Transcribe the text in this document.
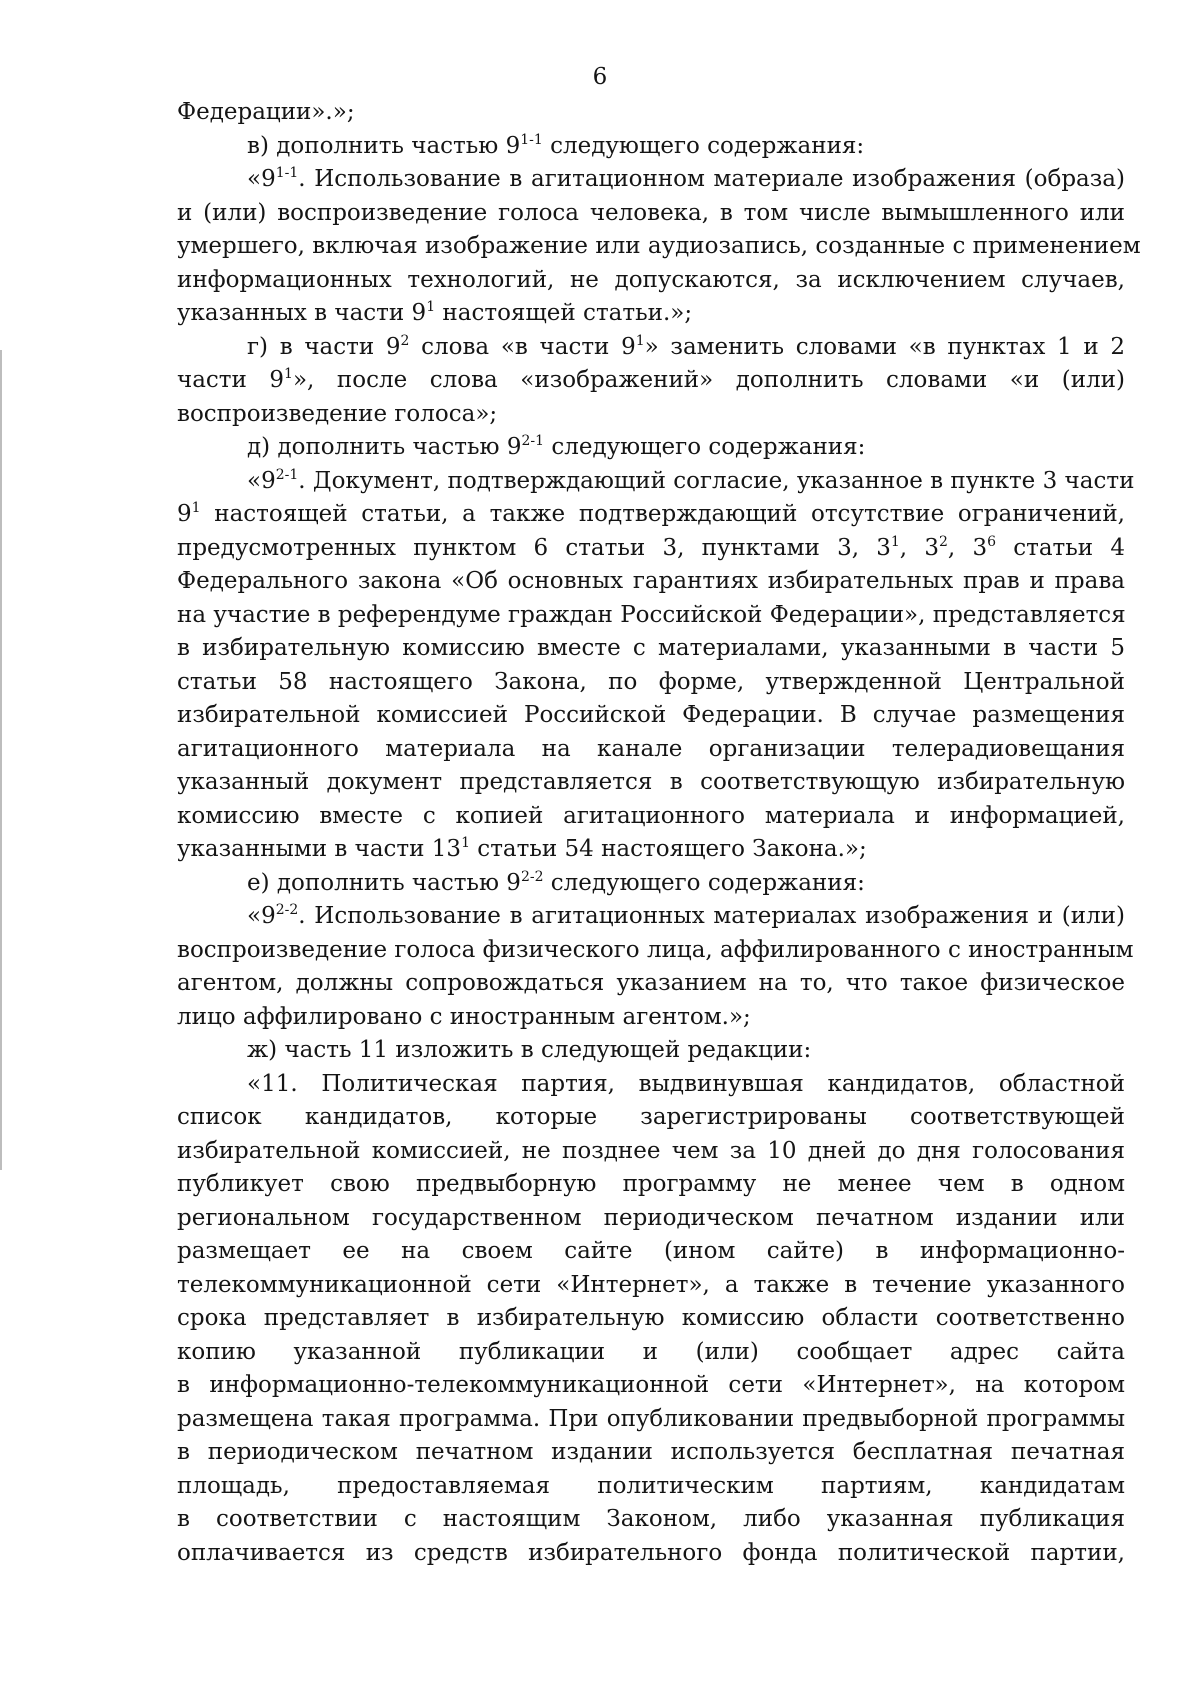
6
Федерации».»;
в) дополнить частью 9$^{1-1}$ следующего содержания:
«9$^{1-1}$. Использование в агитационном материале изображения (образа)
и (или) воспроизведение голоса человека, в том числе вымышленного или
умершего, включая изображение или аудиозапись, созданные с применением
информационных технологий, не допускаются, за исключением случаев,
указанных в части $9^1$ настоящей статьи.»;
г) в части $9^2$ слова «в части $9^1$» заменить словами «в пунктах 1 и 2
части $9^1$», после слова «изображений» дополнить словами «и (или)
воспроизведение голоса»;
д) дополнить частью 9$^{2-1}$ следующего содержания:
«9$^{2-1}$. Документ, подтверждающий согласие, указанное в пункте 3 части
$9^1$ настоящей статьи, а также подтверждающий отсутствие ограничений,
предусмотренных пунктом 6 статьи 3, пунктами 3, $3^1$, $3^2$, $3^6$ статьи 4
Федерального закона «Об основных гарантиях избирательных прав и права
на участие в референдуме граждан Российской Федерации», представляется
в избирательную комиссию вместе с материалами, указанными в части 5
статьи 58 настоящего Закона, по форме, утвержденной Центральной
избирательной комиссией Российской Федерации. В случае размещения
агитационного материала на канале организации телерадиовещания
указанный документ представляется в соответствующую избирательную
комиссию вместе с копией агитационного материала и информацией,
указанными в части $13^1$ статьи 54 настоящего Закона.»;
е) дополнить частью 9$^{2-2}$ следующего содержания:
«9$^{2-2}$. Использование в агитационных материалах изображения и (или)
воспроизведение голоса физического лица, аффилированного с иностранным
агентом, должны сопровождаться указанием на то, что такое физическое
лицо аффилировано с иностранным агентом.»;
ж) часть 11 изложить в следующей редакции:
«11. Политическая партия, выдвинувшая кандидатов, областной
список кандидатов, которые зарегистрированы соответствующей
избирательной комиссией, не позднее чем за 10 дней до дня голосования
публикует свою предвыборную программу не менее чем в одном
региональном государственном периодическом печатном издании или
размещает ее на своем сайте (ином сайте) в информационно-
телекоммуникационной сети «Интернет», а также в течение указанного
срока представляет в избирательную комиссию области соответственно
копию указанной публикации и (или) сообщает адрес сайта
в информационно-телекоммуникационной сети «Интернет», на котором
размещена такая программа. При опубликовании предвыборной программы
в периодическом печатном издании используется бесплатная печатная
площадь, предоставляемая политическим партиям, кандидатам
в соответствии с настоящим Законом, либо указанная публикация
оплачивается из средств избирательного фонда политической партии,
